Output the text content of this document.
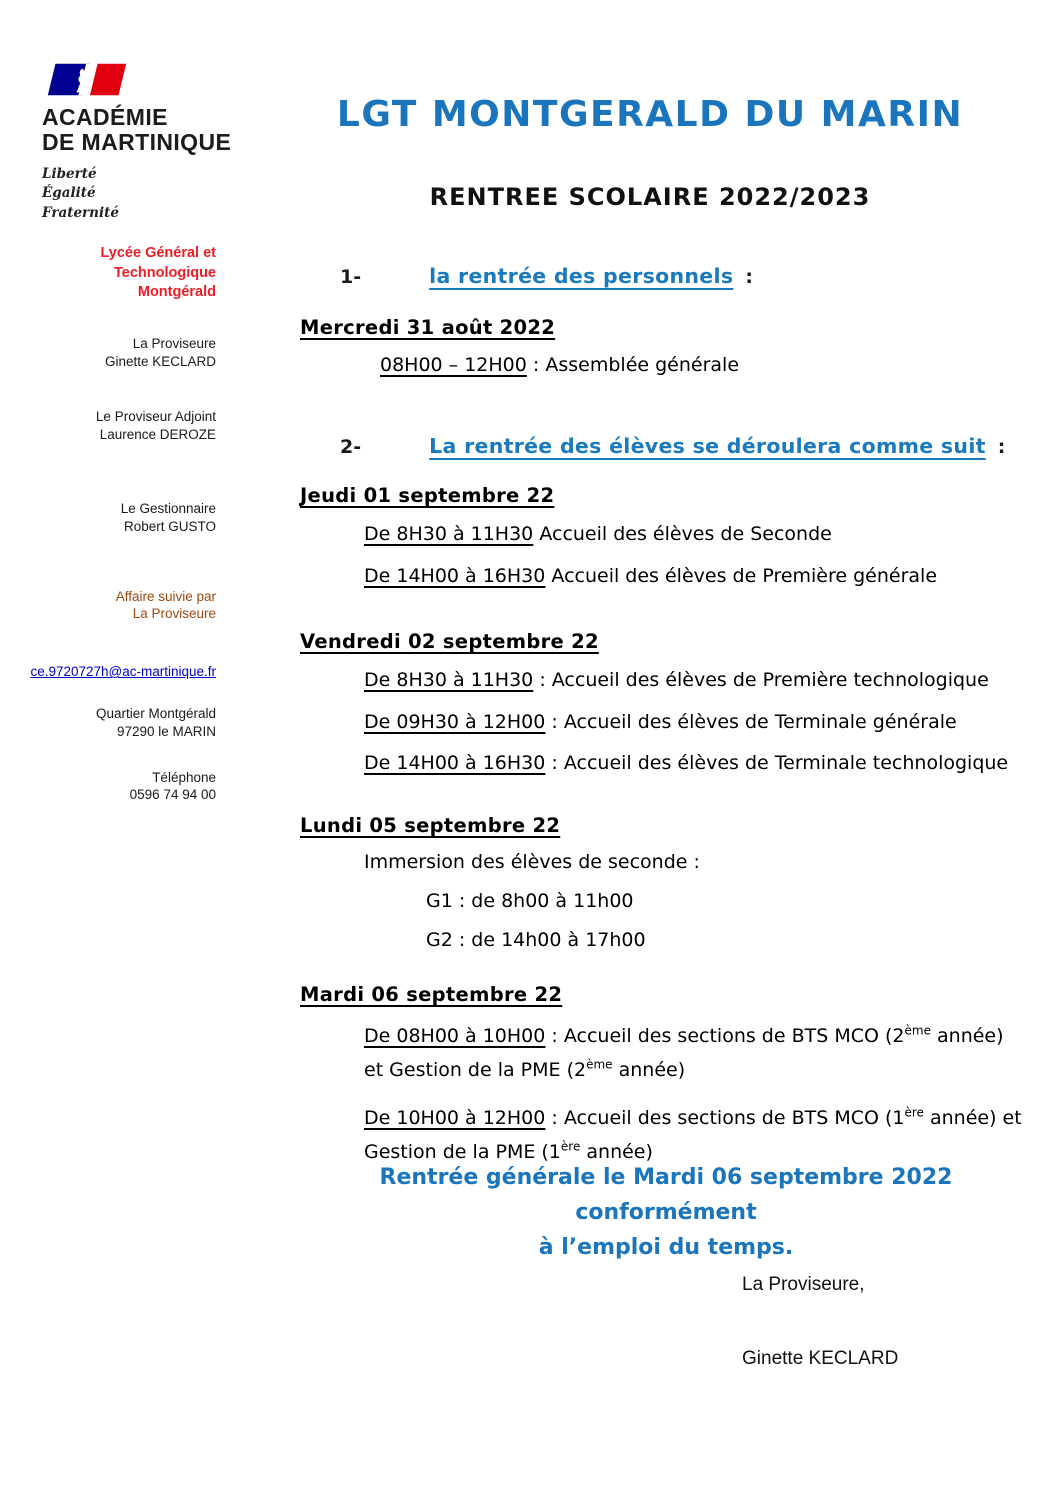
ACADÉMIE
DE MARTINIQUE
Liberté
Égalité
Fraternité
LGT MONTGERALD DU MARIN
RENTREE SCOLAIRE 2022/2023
Lycée Général et Technologique
Montgérald
La Proviseure
Ginette KECLARD
Le Proviseur Adjoint
Laurence DEROZE
Le Gestionnaire
Robert GUSTO
Affaire suivie par
La Proviseure
ce.9720727h@ac-martinique.fr
Quartier Montgérald
97290 le MARIN
Téléphone
0596 74 94 00
1-	la rentrée des personnels :
Mercredi 31 août 2022
08H00 – 12H00 : Assemblée générale
2-	La rentrée des élèves se déroulera comme suit :
Jeudi 01 septembre 22
De 8H30 à 11H30 Accueil des élèves de Seconde
De 14H00 à 16H30 Accueil des élèves de Première générale
Vendredi 02 septembre 22
De 8H30 à 11H30 : Accueil des élèves de Première technologique
De 09H30 à 12H00 : Accueil des élèves de Terminale générale
De 14H00 à 16H30 : Accueil des élèves de Terminale technologique
Lundi 05 septembre 22
Immersion des élèves de seconde :
G1 : de 8h00 à 11h00
G2 : de 14h00 à 17h00
Mardi 06 septembre 22
De 08H00 à 10H00 : Accueil des sections de BTS MCO (2ème année) et Gestion de la PME (2ème année)
De 10H00 à 12H00 : Accueil des sections de BTS MCO (1ère année) et Gestion de la PME (1ère année)
Rentrée générale le Mardi 06 septembre 2022 conformément
à l’emploi du temps.
La Proviseure,
Ginette KECLARD
